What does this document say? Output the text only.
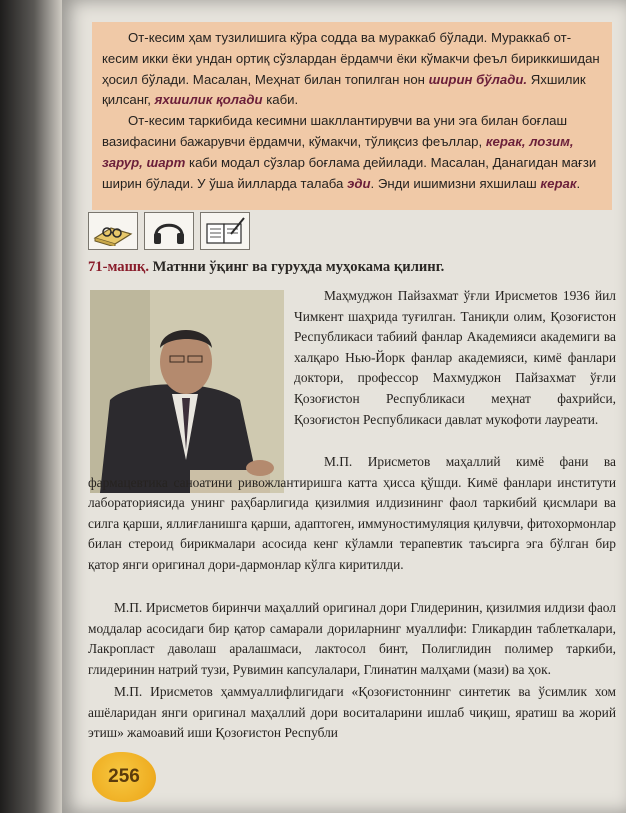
От-кесим ҳам тузилишига кўра содда ва мураккаб бўлади. Мураккаб от-кесим икки ёки ундан ортиқ сўзлардан ёрдамчи ёки кўмакчи феъл бириккишидан ҳосил бўлади. Масалан, Меҳнат билан топилган нон ширин бўлади. Яхшилик қилсанг, яхшилик қолади каби.

От-кесим таркибида кесимни шакллантирувчи ва уни эга билан боғлаш вазифасини бажарувчи ёрдамчи, кўмакчи, тўлиқсиз феъллар, керак, лозим, зарур, шарт каби модал сўзлар боғлама дейилади. Масалан, Данагидан мағзи ширин бўлади. У ўша йилларда талаба эди. Энди ишимизни яхшилаш керак.

71-машқ. Матнни ўқинг ва гуруҳда муҳокама қилинг.
Маҳмуджон Пайзахмат ўғли Ирисметов 1936 йил Чимкент шаҳрида туғилган. Таниқли олим, Қозоғистон Республикаси табиий фанлар Академияси академиги ва халқаро Нью-Йорк фанлар академияси, кимё фанлари доктори, профессор Махмуджон Пайзахмат ўғли Қозоғистон Республикаси меҳнат фахрийси, Қозоғистон Республикаси давлат мукофоти лауреати.
М.П. Ирисметов маҳаллий кимё фани ва фармацевтика саноатини ривожлантиришга катта ҳисса қўшди. Кимё фанлари институти лабораториясида унинг раҳбарлигида қизилмия илдизининг фаол таркибий қисмлари ва силга қарши, яллиғланишга қарши, адаптоген, иммуностимуляция қилувчи, фитохормонлар билан стероид бирикмалари асосида кенг кўламли терапевтик таъсирга эга бўлган бир қатор янги оригинал дори-дармонлар кўлга киритилди.
М.П. Ирисметов биринчи маҳаллий оригинал дори Глидеринин, қизилмия илдизи фаол моддалар асосидаги бир қатор самарали дориларнинг муаллифи: Гликардин таблеткалари, Лакропласт даволаш аралашмаси, лактосол бинт, Полиглидин полимер таркиби, глидеринин натрий тузи, Рувимин капсулалари, Глинатин малҳами (мази) ва ҳок.
М.П. Ирисметов ҳаммуаллифлигидаги «Қозоғистоннинг синтетик ва ўсимлик хом ашёларидан янги оригинал маҳаллий дори воситаларини ишлаб чиқиш, яратиш ва жорий этиш» жамоавий иши Қозоғистон Республи
256
